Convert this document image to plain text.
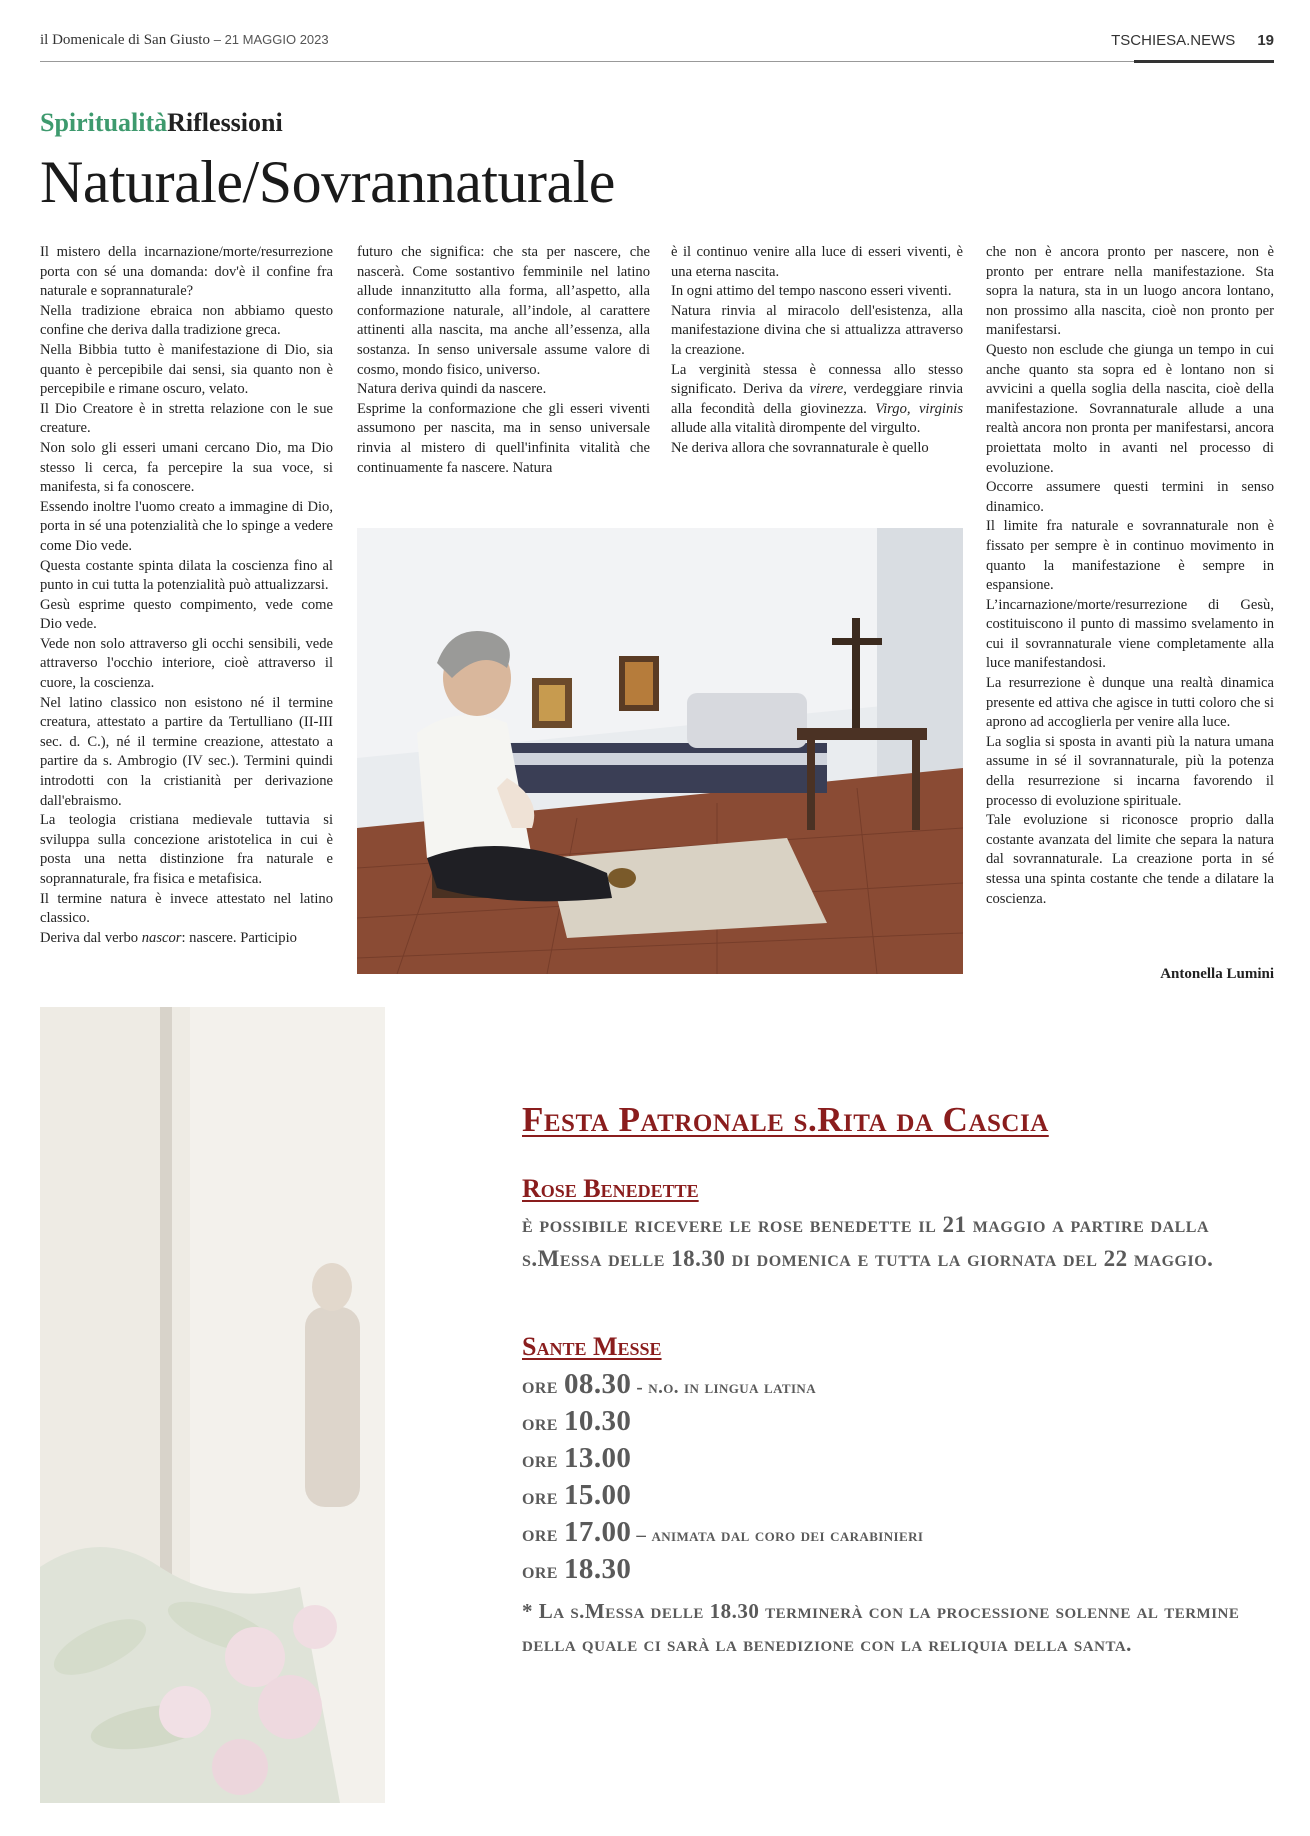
il Domenicale di San Giusto – 21 MAGGIO 2023	TSCHIESA.NEWS 19
SpiritualitàRiflessioni
Naturale/Sovrannaturale

Il mistero della incarnazione/morte/resurrezione porta con sé una domanda: dov'è il confine fra naturale e soprannaturale?

Nella tradizione ebraica non abbiamo questo confine che deriva dalla tradizione greca.

Nella Bibbia tutto è manifestazione di Dio, sia quanto è percepibile dai sensi, sia quanto non è percepibile e rimane oscuro, velato.

Il Dio Creatore è in stretta relazione con le sue creature.

Non solo gli esseri umani cercano Dio, ma Dio stesso li cerca, fa percepire la sua voce, si manifesta, si fa conoscere.

Essendo inoltre l'uomo creato a immagine di Dio, porta in sé una potenzialità che lo spinge a vedere come Dio vede.

Questa costante spinta dilata la coscienza fino al punto in cui tutta la potenzialità può attualizzarsi.

Gesù esprime questo compimento, vede come Dio vede.

Vede non solo attraverso gli occhi sensibili, vede attraverso l'occhio interiore, cioè attraverso il cuore, la coscienza.

Nel latino classico non esistono né il termine creatura, attestato a partire da Tertulliano (II-III sec. d. C.), né il termine creazione, attestato a partire da s. Ambrogio (IV sec.). Termini quindi introdotti con la cristianità per derivazione dall'ebraismo.

La teologia cristiana medievale tuttavia si sviluppa sulla concezione aristotelica in cui è posta una netta distinzione fra naturale e soprannaturale, fra fisica e metafisica.

Il termine natura è invece attestato nel latino classico.

Deriva dal verbo nascor: nascere. Participio

futuro che significa: che sta per nascere, che nascerà. Come sostantivo femminile nel latino allude innanzitutto alla forma, all’aspetto, alla conformazione naturale, all’indole, al carattere attinenti alla nascita, ma anche all’essenza, alla sostanza. In senso universale assume valore di cosmo, mondo fisico, universo.

Natura deriva quindi da nascere.

Esprime la conformazione che gli esseri viventi assumono per nascita, ma in senso universale rinvia al mistero di quell'infinita vitalità che continuamente fa nascere. Natura

è il continuo venire alla luce di esseri viventi, è una eterna nascita.

In ogni attimo del tempo nascono esseri viventi.

Natura rinvia al miracolo dell'esistenza, alla manifestazione divina che si attualizza attraverso la creazione.

La verginità stessa è connessa allo stesso significato. Deriva da virere, verdeggiare rinvia alla fecondità della giovinezza. Virgo, virginis allude alla vitalità dirompente del virgulto.

Ne deriva allora che sovrannaturale è quello

che non è ancora pronto per nascere, non è pronto per entrare nella manifestazione. Sta sopra la natura, sta in un luogo ancora lontano, non prossimo alla nascita, cioè non pronto per manifestarsi.

Questo non esclude che giunga un tempo in cui anche quanto sta sopra ed è lontano non si avvicini a quella soglia della nascita, cioè della manifestazione. Sovrannaturale allude a una realtà ancora non pronta per manifestarsi, ancora proiettata molto in avanti nel processo di evoluzione.

Occorre assumere questi termini in senso dinamico.

Il limite fra naturale e sovrannaturale non è fissato per sempre è in continuo movimento in quanto la manifestazione è sempre in espansione.

L’incarnazione/morte/resurrezione di Gesù, costituiscono il punto di massimo svelamento in cui il sovrannaturale viene completamente alla luce manifestandosi.

La resurrezione è dunque una realtà dinamica presente ed attiva che agisce in tutti coloro che si aprono ad accoglierla per venire alla luce.

La soglia si sposta in avanti più la natura umana assume in sé il sovrannaturale, più la potenza della resurrezione si incarna favorendo il processo di evoluzione spirituale.

Tale evoluzione si riconosce proprio dalla costante avanzata del limite che separa la natura dal sovrannaturale. La creazione porta in sé stessa una spinta costante che tende a dilatare la coscienza.

Antonella Lumini
Festa Patronale s.Rita da Cascia
Rose Benedette
è possibile ricevere le rose benedette il 21 maggio a partire dalla s.Messa delle 18.30 di domenica e tutta la giornata del 22 maggio.
Sante Messe
ore 08.30 - n.o. in lingua latina
ore 10.30
ore 13.00
ore 15.00
ore 17.00 – animata dal coro dei carabinieri
ore 18.30
* La s.Messa delle 18.30 terminerà con la processione solenne al termine della quale ci sarà la benedizione con la reliquia della santa.
